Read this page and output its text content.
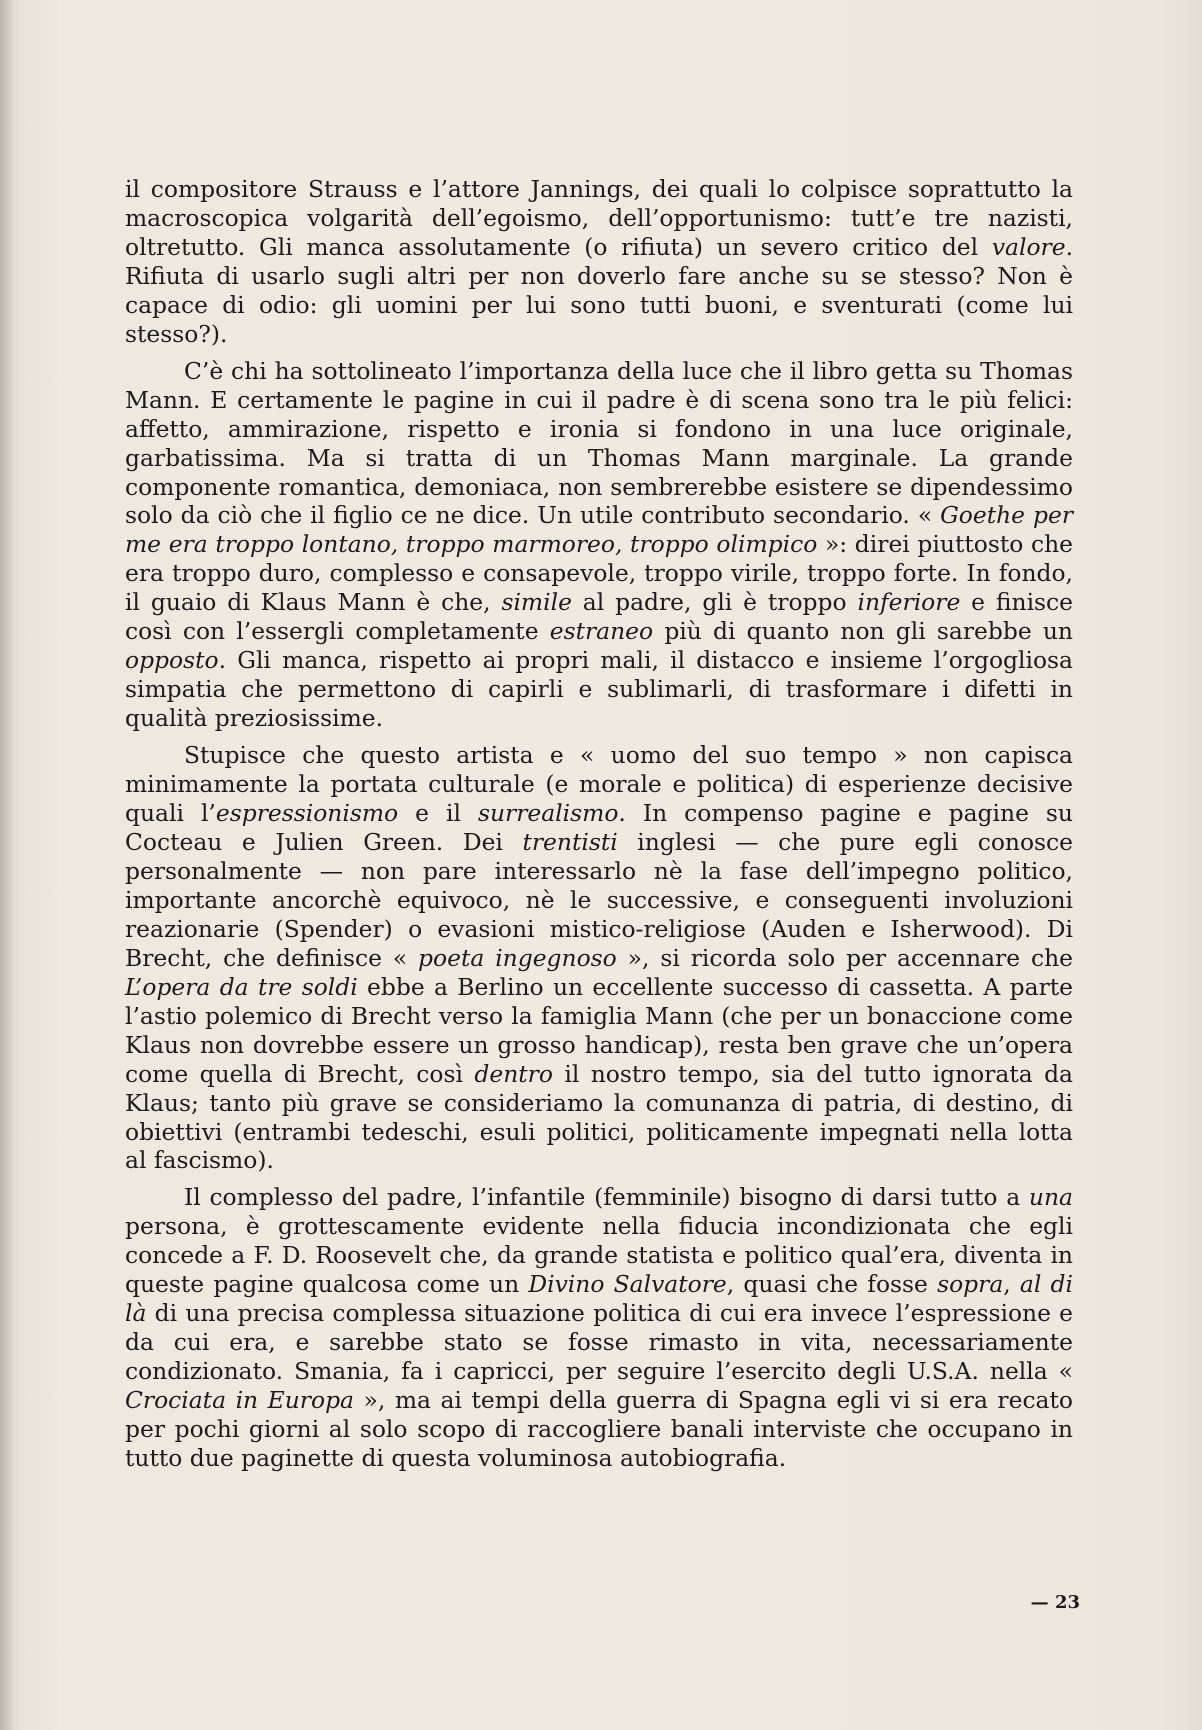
il compositore Strauss e l’attore Jannings, dei quali lo colpisce soprattutto la macroscopica volgarità dell’egoismo, dell’opportunismo: tutt’e tre nazisti, oltretutto. Gli manca assolutamente (o rifiuta) un severo critico del valore. Rifiuta di usarlo sugli altri per non doverlo fare anche su se stesso? Non è capace di odio: gli uomini per lui sono tutti buoni, e sventurati (come lui stesso?).

C’è chi ha sottolineato l’importanza della luce che il libro getta su Thomas Mann. E certamente le pagine in cui il padre è di scena sono tra le più felici: affetto, ammirazione, rispetto e ironia si fondono in una luce originale, garbatissima. Ma si tratta di un Thomas Mann marginale. La grande componente romantica, demoniaca, non sembrerebbe esistere se dipendessimo solo da ciò che il figlio ce ne dice. Un utile contributo secondario. « Goethe per me era troppo lontano, troppo marmoreo, troppo olimpico »: direi piuttosto che era troppo duro, complesso e consapevole, troppo virile, troppo forte. In fondo, il guaio di Klaus Mann è che, simile al padre, gli è troppo inferiore e finisce così con l’essergli completamente estraneo più di quanto non gli sarebbe un opposto. Gli manca, rispetto ai propri mali, il distacco e insieme l’orgogliosa simpatia che permettono di capirli e sublimarli, di trasformare i difetti in qualità preziosissime.

Stupisce che questo artista e « uomo del suo tempo » non capisca minimamente la portata culturale (e morale e politica) di esperienze decisive quali l’espressionismo e il surrealismo. In compenso pagine e pagine su Cocteau e Julien Green. Dei trentisti inglesi — che pure egli conosce personalmente — non pare interessarlo nè la fase dell’impegno politico, importante ancorchè equivoco, nè le successive, e conseguenti involuzioni reazionarie (Spender) o evasioni mistico-religiose (Auden e Isherwood). Di Brecht, che definisce « poeta ingegnoso », si ricorda solo per accennare che L’opera da tre soldi ebbe a Berlino un eccellente successo di cassetta. A parte l’astio polemico di Brecht verso la famiglia Mann (che per un bonaccione come Klaus non dovrebbe essere un grosso handicap), resta ben grave che un’opera come quella di Brecht, così dentro il nostro tempo, sia del tutto ignorata da Klaus; tanto più grave se consideriamo la comunanza di patria, di destino, di obiettivi (entrambi tedeschi, esuli politici, politicamente impegnati nella lotta al fascismo).

Il complesso del padre, l’infantile (femminile) bisogno di darsi tutto a una persona, è grottescamente evidente nella fiducia incondizionata che egli concede a F. D. Roosevelt che, da grande statista e politico qual’era, diventa in queste pagine qualcosa come un Divino Salvatore, quasi che fosse sopra, al di là di una precisa complessa situazione politica di cui era invece l’espressione e da cui era, e sarebbe stato se fosse rimasto in vita, necessariamente condizionato. Smania, fa i capricci, per seguire l’esercito degli U.S.A. nella « Crociata in Europa », ma ai tempi della guerra di Spagna egli vi si era recato per pochi giorni al solo scopo di raccogliere banali interviste che occupano in tutto due paginette di questa voluminosa autobiografia.

— 23
